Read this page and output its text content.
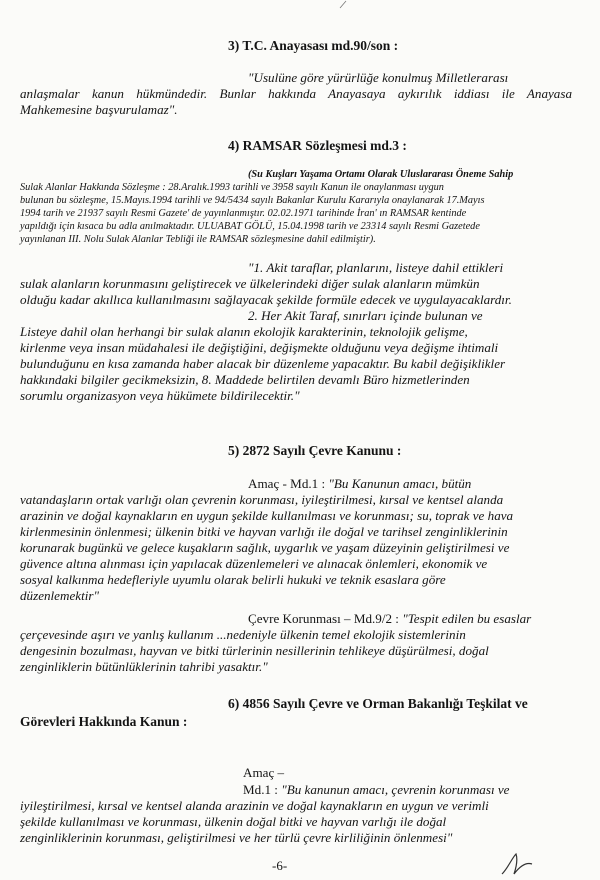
3) T.C. Anayasası md.90/son :
"Usulüne göre yürürlüğe konulmuş Milletlerarası
anlaşmalar kanun hükmündedir. Bunlar hakkında Anayasaya aykırılık iddiası ile Anayasa
Mahkemesine başvurulamaz".
4) RAMSAR Sözleşmesi md.3 :
(Su Kuşları Yaşama Ortamı Olarak Uluslararası Öneme Sahip
Sulak Alanlar Hakkında Sözleşme : 28.Aralık.1993 tarihli ve 3958 sayılı Kanun ile onaylanması uygun
bulunan bu sözleşme, 15.Mayıs.1994 tarihli ve 94/5434 sayılı Bakanlar Kurulu Kararıyla onaylanarak 17.Mayıs
1994 tarih ve 21937 sayılı Resmi Gazete' de yayınlanmıştır. 02.02.1971 tarihinde İran' ın RAMSAR kentinde
yapıldığı için kısaca bu adla anılmaktadır. ULUABAT GÖLÜ, 15.04.1998 tarih ve 23314 sayılı Resmi Gazetede
yayınlanan III. Nolu Sulak Alanlar Tebliği ile RAMSAR sözleşmesine dahil edilmiştir).
"1. Akit taraflar, planlarını, listeye dahil ettikleri
sulak alanların korunmasını geliştirecek ve ülkelerindeki diğer sulak alanların mümkün
olduğu kadar akıllıca kullanılmasını sağlayacak şekilde formüle edecek ve uygulayacaklardır.
2. Her Akit Taraf, sınırları içinde bulunan ve
Listeye dahil olan herhangi bir sulak alanın ekolojik karakterinin, teknolojik gelişme,
kirlenme veya insan müdahalesi ile değiştiğini, değişmekte olduğunu veya değişme ihtimali
bulunduğunu en kısa zamanda haber alacak bir düzenleme yapacaktır. Bu kabil değişiklikler
hakkındaki bilgiler gecikmeksizin, 8. Maddede belirtilen devamlı Büro hizmetlerinden
sorumlu organizasyon veya hükümete bildirilecektir."
5) 2872 Sayılı Çevre Kanunu :
Amaç - Md.1 : "Bu Kanunun amacı, bütün
vatandaşların ortak varlığı olan çevrenin korunması, iyileştirilmesi, kırsal ve kentsel alanda
arazinin ve doğal kaynakların en uygun şekilde kullanılması ve korunması; su, toprak ve hava
kirlenmesinin önlenmesi; ülkenin bitki ve hayvan varlığı ile doğal ve tarihsel zenginliklerinin
korunarak bugünkü ve gelece kuşakların sağlık, uygarlık ve yaşam düzeyinin geliştirilmesi ve
güvence altına alınması için yapılacak düzenlemeleri ve alınacak önlemleri, ekonomik ve
sosyal kalkınma hedefleriyle uyumlu olarak belirli hukuki ve teknik esaslara göre
düzenlemektir"
Çevre Korunması – Md.9/2 : "Tespit edilen bu esaslar
çerçevesinde aşırı ve yanlış kullanım ...nedeniyle ülkenin temel ekolojik sistemlerinin
dengesinin bozulması, hayvan ve bitki türlerinin nesillerinin tehlikeye düşürülmesi, doğal
zenginliklerin bütünlüklerinin tahribi yasaktır."
6) 4856 Sayılı Çevre ve Orman Bakanlığı Teşkilat ve
Görevleri Hakkında Kanun :
Amaç –
Md.1 : "Bu kanunun amacı, çevrenin korunması ve
iyileştirilmesi, kırsal ve kentsel alanda arazinin ve doğal kaynakların en uygun ve verimli
şekilde kullanılması ve korunması, ülkenin doğal bitki ve hayvan varlığı ile doğal
zenginliklerinin korunması, geliştirilmesi ve her türlü çevre kirliliğinin önlenmesi"
-6-
